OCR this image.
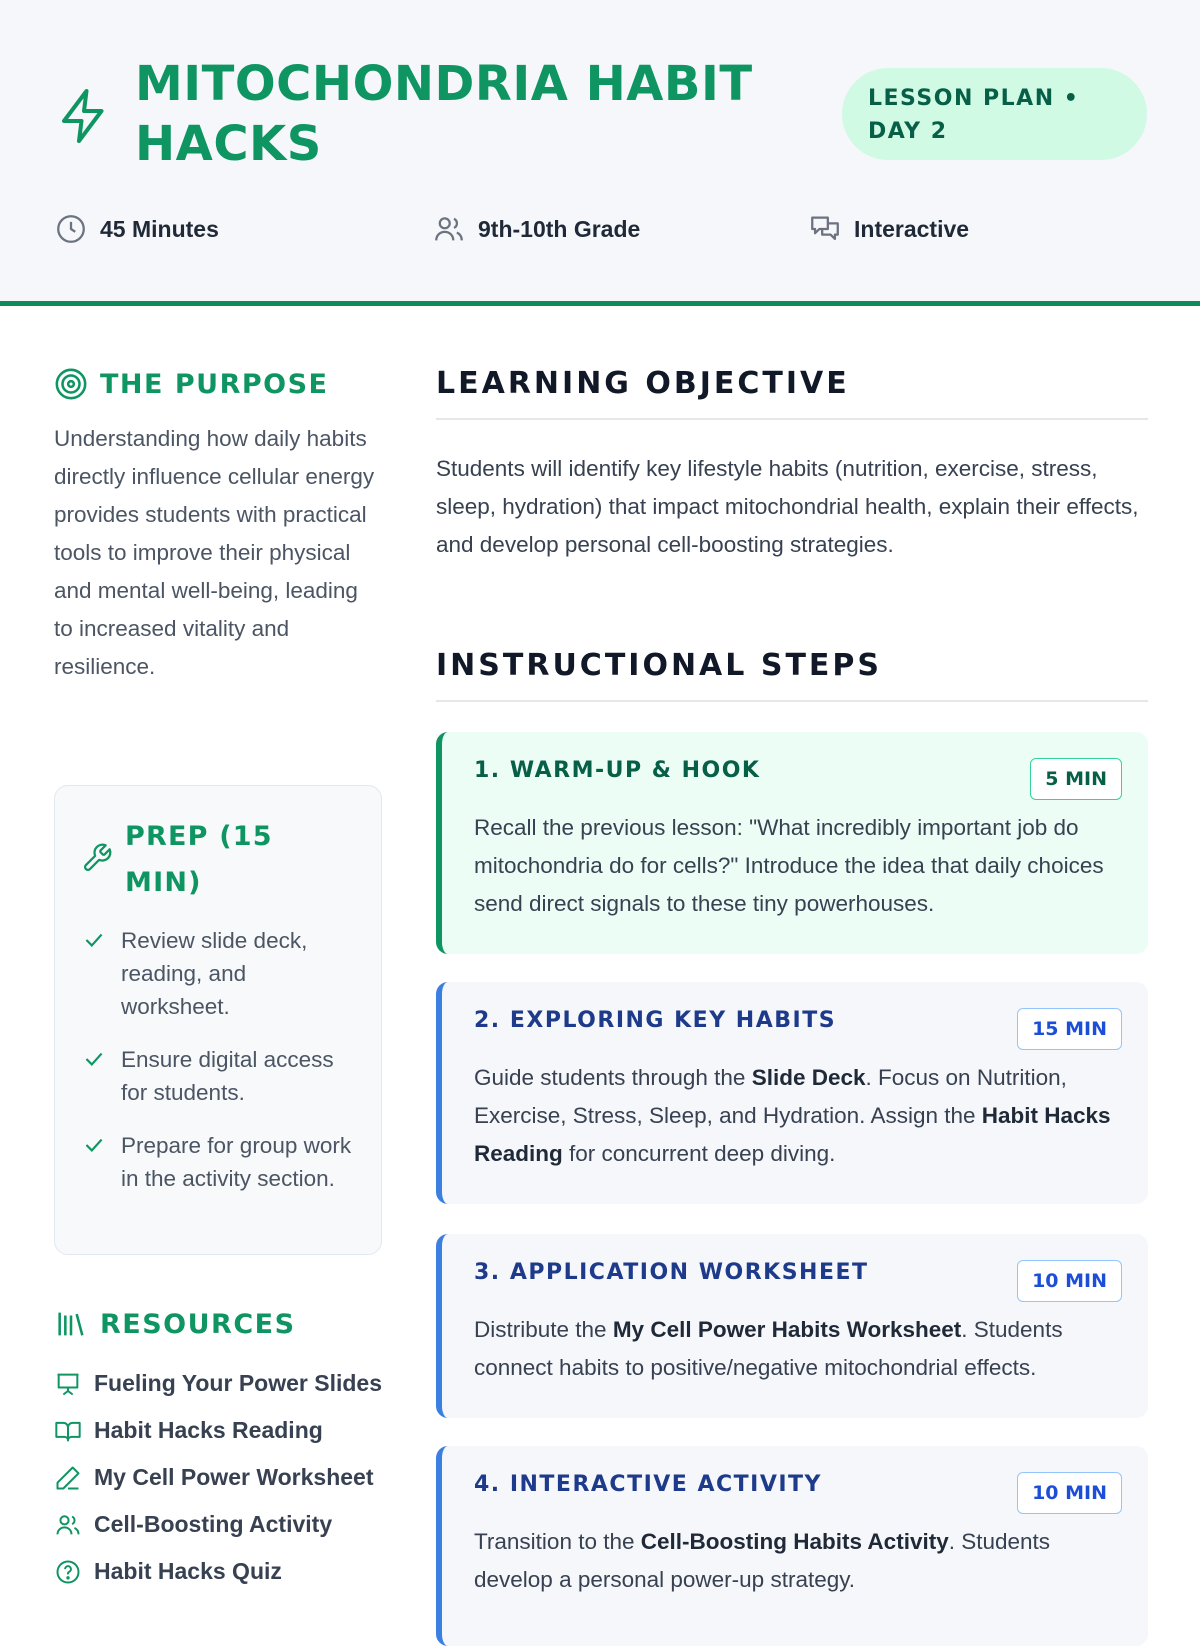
MITOCHONDRIA HABIT HACKS
LESSON PLAN • DAY 2
45 Minutes	9th-10th Grade	Interactive
THE PURPOSE

Understanding how daily habits directly influence cellular energy provides students with practical tools to improve their physical and mental well-being, leading to increased vitality and resilience.

PREP (15 MIN)
Review slide deck, reading, and worksheet.
Ensure digital access for students.
Prepare for group work in the activity section.
RESOURCES
Fueling Your Power Slides
Habit Hacks Reading
My Cell Power Worksheet
Cell-Boosting Activity
Habit Hacks Quiz
LEARNING OBJECTIVE

Students will identify key lifestyle habits (nutrition, exercise, stress, sleep, hydration) that impact mitochondrial health, explain their effects, and develop personal cell-boosting strategies.

INSTRUCTIONAL STEPS
1. WARM-UP & HOOK	5 MIN

Recall the previous lesson: "What incredibly important job do mitochondria do for cells?" Introduce the idea that daily choices send direct signals to these tiny powerhouses.

2. EXPLORING KEY HABITS	15 MIN

Guide students through the Slide Deck. Focus on Nutrition, Exercise, Stress, Sleep, and Hydration. Assign the Habit Hacks Reading for concurrent deep diving.

3. APPLICATION WORKSHEET	10 MIN

Distribute the My Cell Power Habits Worksheet. Students connect habits to positive/negative mitochondrial effects.

4. INTERACTIVE ACTIVITY	10 MIN

Transition to the Cell-Boosting Habits Activity. Students develop a personal power-up strategy.
